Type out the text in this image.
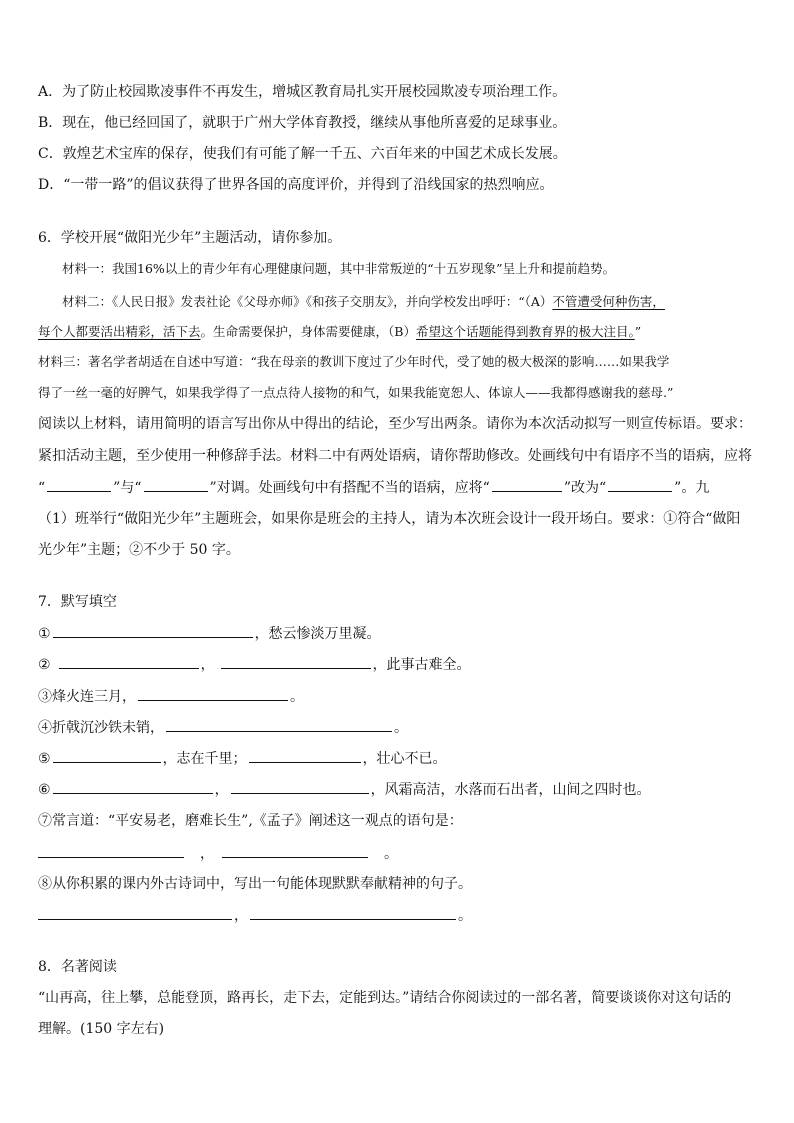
A．为了防止校园欺凌事件不再发生，增城区教育局扎实开展校园欺凌专项治理工作。
B．现在，他已经回国了，就职于广州大学体育教授，继续从事他所喜爱的足球事业。
C．敦煌艺术宝库的保存，使我们有可能了解一千五、六百年来的中国艺术成长发展。
D．“一带一路”的倡议获得了世界各国的高度评价，并得到了沿线国家的热烈响应。
6．学校开展“做阳光少年”主题活动，请你参加。
材料一：我国16%以上的青少年有心理健康问题，其中非常叛逆的“十五岁现象”呈上升和提前趋势。
材料二：《人民日报》发表社论《父母亦师》《和孩子交朋友》，并向学校发出呼吁：“（A）不管遭受何种伤害，
每个人都要活出精彩，活下去。生命需要保护，身体需要健康，（B）希望这个话题能得到教育界的极大注目。”
材料三：著名学者胡适在自述中写道：“我在母亲的教训下度过了少年时代，受了她的极大极深的影响……如果我学
得了一丝一毫的好脾气，如果我学得了一点点待人接物的和气，如果我能宽恕人、体谅人——我都得感谢我的慈母.”
阅读以上材料，请用简明的语言写出你从中得出的结论，至少写出两条。请你为本次活动拟写一则宣传标语。要求：
紧扣活动主题，至少使用一种修辞手法。材料二中有两处语病，请你帮助修改。处画线句中有语序不当的语病，应将
“	”与“	”对调。处画线句中有搭配不当的语病，应将“	”改为“	”。九
（1）班举行“做阳光少年”主题班会，如果你是班会的主持人，请为本次班会设计一段开场白。要求：①符合“做阳
光少年”主题；②不少于 50 字。
7．默写填空
①	，愁云惨淡万里凝。
②	，	，此事古难全。
③烽火连三月，	。
④折戟沉沙铁未销，	。
⑤	，志在千里；	，壮心不已。
⑥	，	，风霜高洁，水落而石出者，山间之四时也。
⑦常言道：“平安易老，磨难长生”,《孟子》阐述这一观点的语句是：
，	。
⑧从你积累的课内外古诗词中，写出一句能体现默默奉献精神的句子。
，	。
8．名著阅读
“山再高，往上攀，总能登顶，路再长，走下去，定能到达。”请结合你阅读过的一部名著，简要谈谈你对这句话的
理解。(150 字左右)
